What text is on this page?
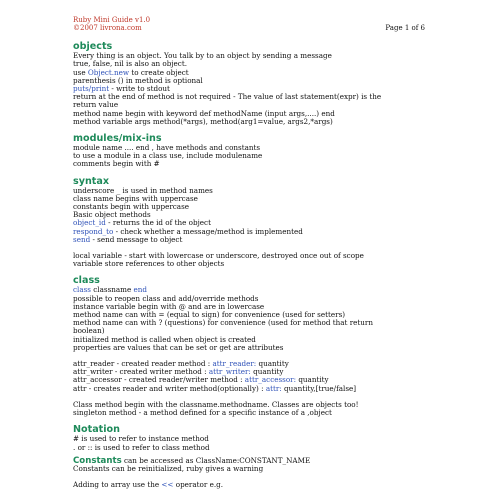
Ruby Mini Guide v1.0
©2007 livrona.com	Page 1 of 6
objects
Every thing is an object. You talk by to an object by sending a message
true, false, nil is also an object.
use Object.new to create object
parenthesis () in method is optional
puts/print - write to stdout
return at the end of method is not required - The value of last statement(expr) is the
return value
method name begin with keyword def methodName (input args,....) end
method variable args method(*args), method(arg1=value, args2,*args)
modules/mix-ins
module name .... end , have methods and constants
to use a module in a class use, include modulename
comments begin with #
syntax
underscore _ is used in method names
class name begins with uppercase
constants begin with uppercase
Basic object methods
object_id - returns the id of the object
respond_to - check whether a message/method is implemented
send - send message to object
local variable - start with lowercase or underscore, destroyed once out of scope
variable store references to other objects
class
class classname end
possible to reopen class and add/override methods
instance variable begin with @ and are in lowercase
method name can with = (equal to sign) for convenience (used for setters)
method name can with ? (questions) for convenience (used for method that return
boolean)
initialized method is called when object is created
properties are values that can be set or get are attributes
attr_reader - created reader method : attr_reader: quantity
attr_writer - created writer method : attr_writer: quantity
attr_accessor - created reader/writer method : attr_accessor: quantity
attr - creates reader and writer method(optionally) : attr: quantity,[true/false]
Class method begin with the classname.methodname. Classes are objects too!
singleton method - a method defined for a specific instance of a ,object
Notation
# is used to refer to instance method
. or :: is used to refer to class method
Constants can be accessed as ClassName:CONSTANT_NAME
Constants can be reinitialized, ruby gives a warning
Adding to array use the << operator e.g.
